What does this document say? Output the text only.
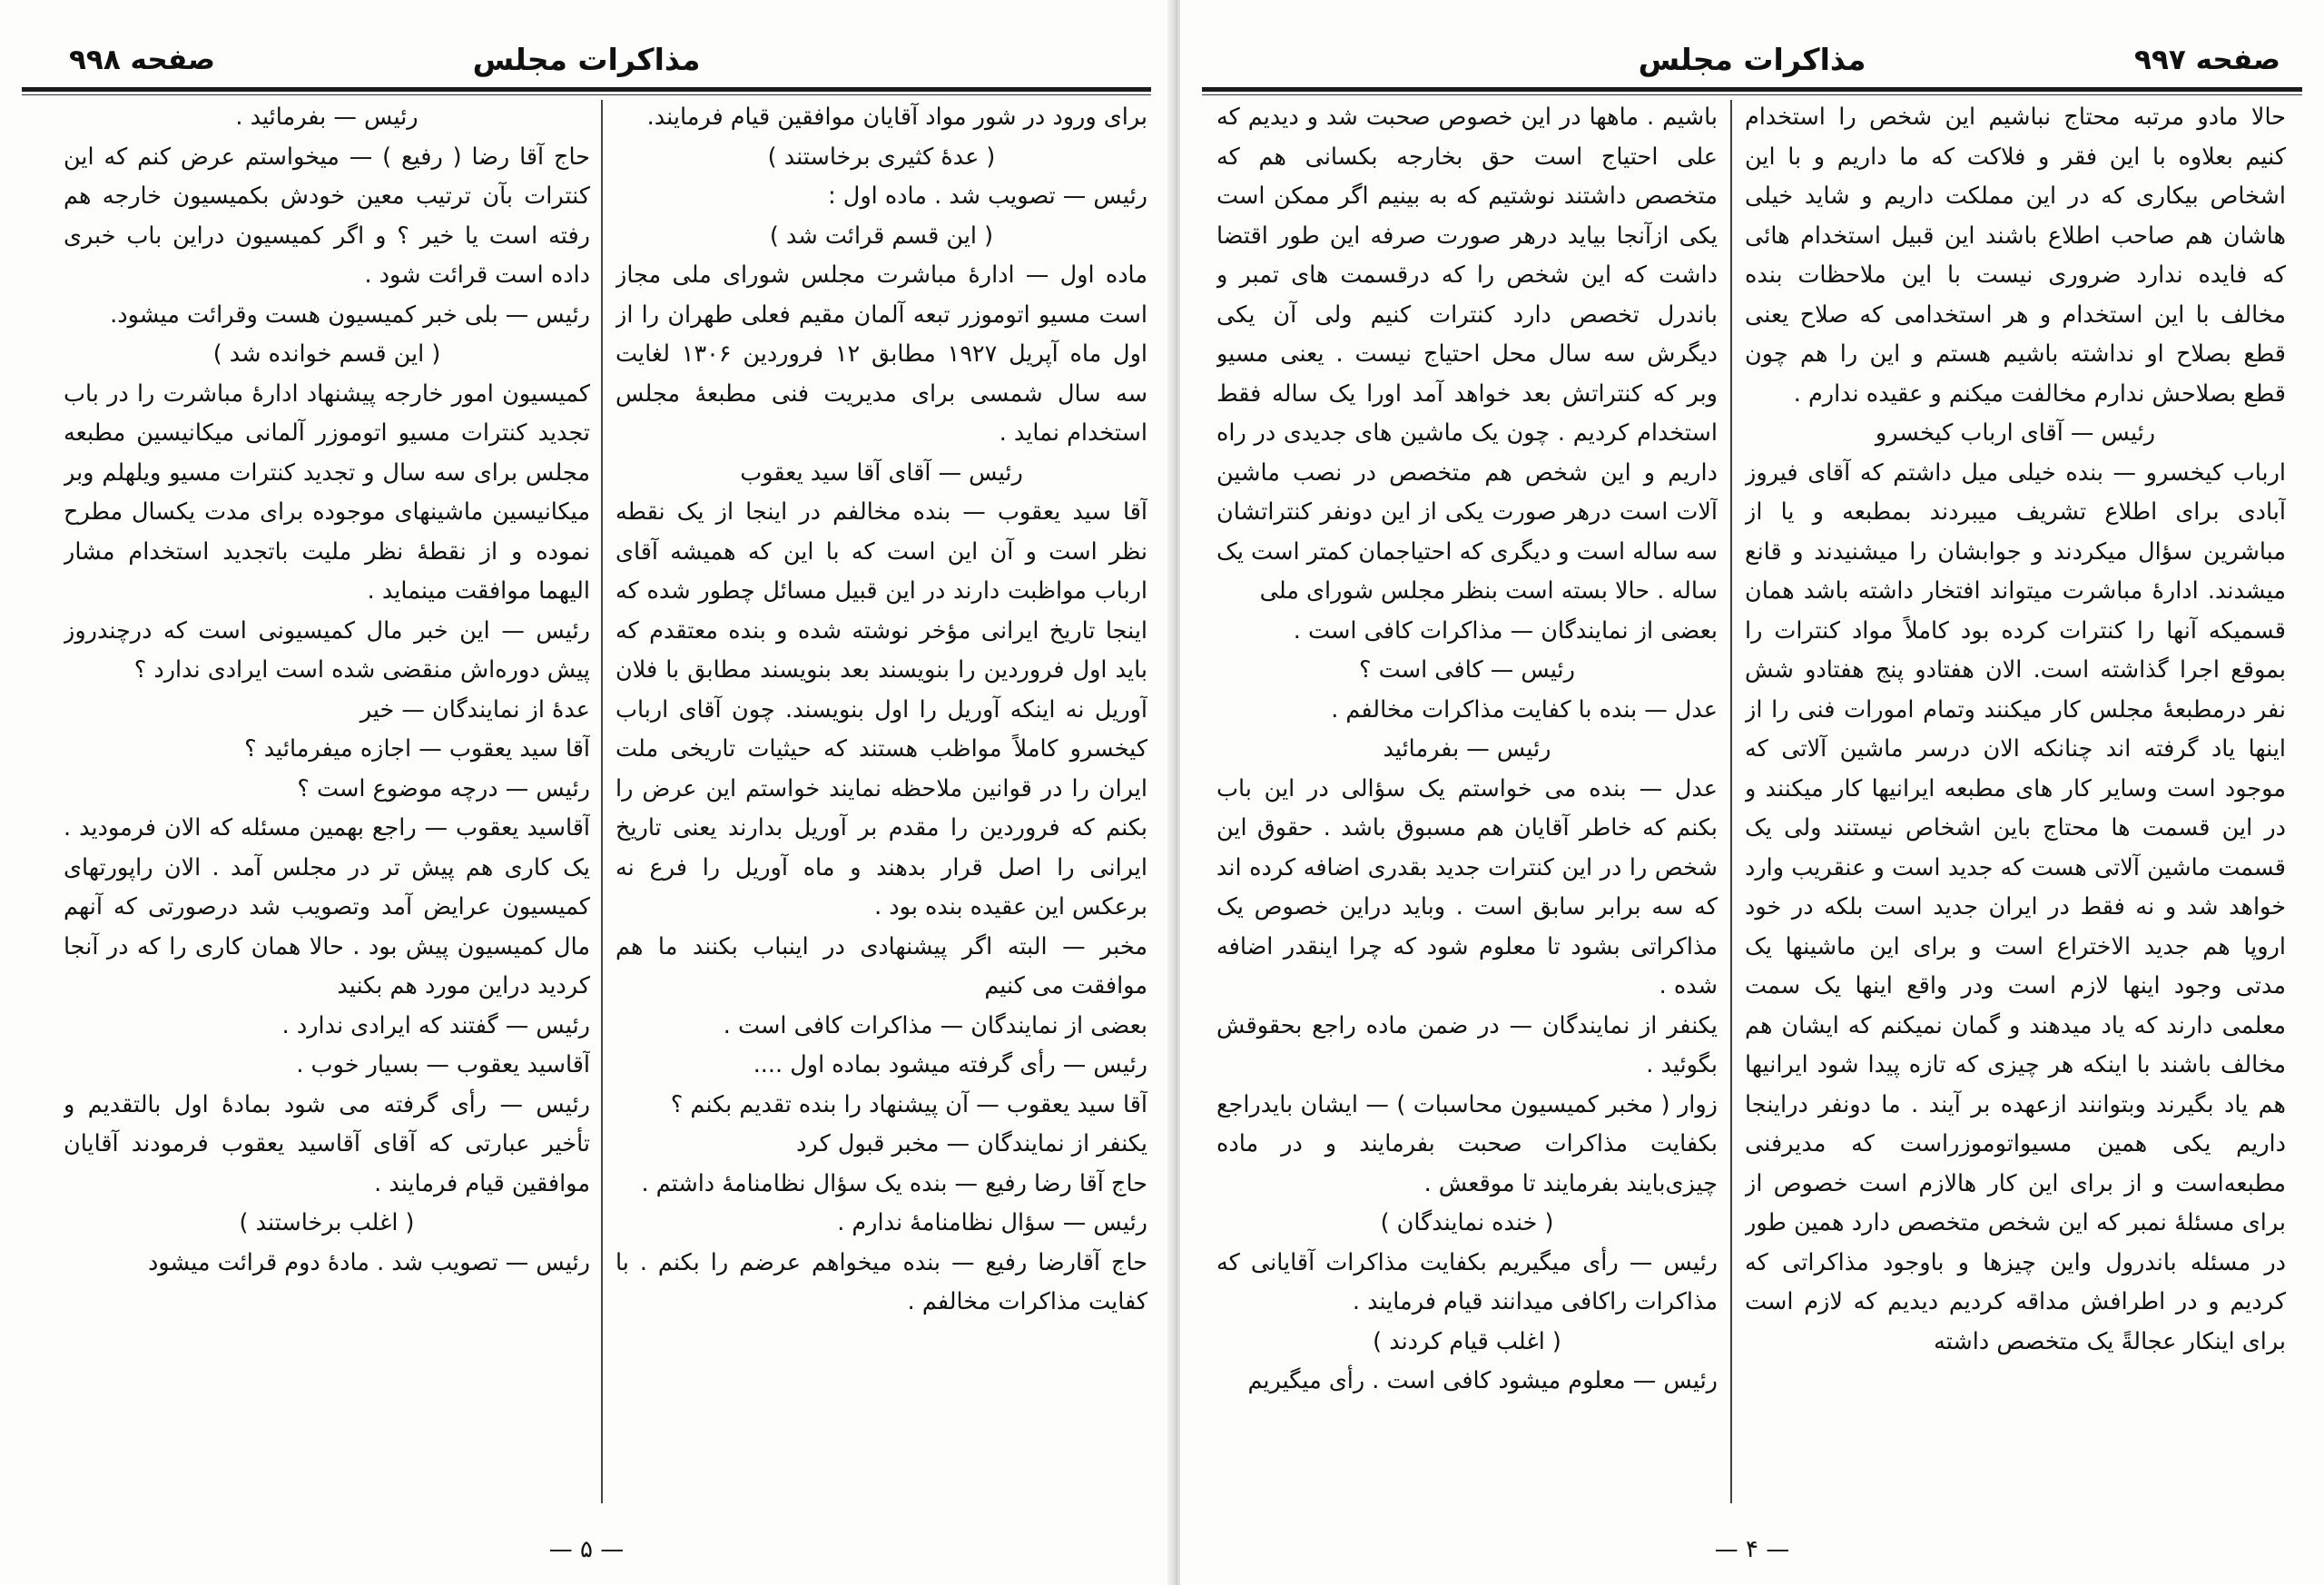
صفحه ۹۹۸	مذاکرات مجلس

برای ورود در شور مواد آقایان موافقین قیام فرمایند.

( عدهٔ کثیری برخاستند )

رئیس — تصویب شد . ماده اول :

( این قسم قرائت شد )

ماده اول — ادارهٔ مباشرت مجلس شورای ملی مجاز است مسیو اتوموزر تبعه آلمان مقیم فعلی طهران را از اول ماه آپریل ۱۹۲۷ مطابق ۱۲ فروردین ۱۳۰۶ لغایت سه سال شمسی برای مدیریت فنی مطبعهٔ مجلس استخدام نماید .

رئیس — آقای آقا سید یعقوب

آقا سید یعقوب — بنده مخالفم در اینجا از یک نقطه نظر است و آن این است که با این که همیشه آقای ارباب مواظبت دارند در این قبیل مسائل چطور شده که اینجا تاریخ ایرانی مؤخر نوشته شده و بنده معتقدم که باید اول فروردین را بنویسند بعد بنویسند مطابق با فلان آوریل نه اینکه آوریل را اول بنویسند. چون آقای ارباب کیخسرو کاملاً مواظب هستند که حیثیات تاریخی ملت ایران را در قوانین ملاحظه نمایند خواستم این عرض را بکنم که فروردین را مقدم بر آوریل بدارند یعنی تاریخ ایرانی را اصل قرار بدهند و ماه آوریل را فرع نه برعکس این عقیده بنده بود .

مخبر — البته اگر پیشنهادی در اینباب بکنند ما هم موافقت می کنیم

بعضی از نمایندگان — مذاکرات کافی است .

رئیس — رأی گرفته میشود بماده اول ....

آقا سید یعقوب — آن پیشنهاد را بنده تقدیم بکنم ؟

یکنفر از نمایندگان — مخبر قبول کرد

حاج آقا رضا رفیع — بنده یک سؤال نظامنامهٔ داشتم .

رئیس — سؤال نظامنامهٔ ندارم .

حاج آقارضا رفیع — بنده میخواهم عرضم را بکنم . با کفایت مذاکرات مخالفم .

رئیس — بفرمائید .

حاج آقا رضا ( رفیع ) — میخواستم عرض کنم که این کنترات بآن ترتیب معین خودش بکمیسیون خارجه هم رفته است یا خیر ؟ و اگر کمیسیون دراین باب خبری داده است قرائت شود .

رئیس — بلی خبر کمیسیون هست وقرائت میشود.

( این قسم خوانده شد )

کمیسیون امور خارجه پیشنهاد ادارهٔ مباشرت را در باب تجدید کنترات مسیو اتوموزر آلمانی میکانیسین مطبعه مجلس برای سه سال و تجدید کنترات مسیو ویلهلم وبر میکانیسین ماشینهای موجوده برای مدت یکسال مطرح نموده و از نقطهٔ نظر ملیت باتجدید استخدام مشار الیهما موافقت مینماید .

رئیس — این خبر مال کمیسیونی است که درچندروز پیش دوره‌اش منقضی شده است ایرادی ندارد ؟

عدهٔ از نمایندگان — خیر

آقا سید یعقوب — اجازه میفرمائید ؟

رئیس — درچه موضوع است ؟

آقاسید یعقوب — راجع بهمین مسئله که الان فرمودید . یک کاری هم پیش تر در مجلس آمد . الان راپورتهای کمیسیون عرایض آمد وتصویب شد درصورتی که آنهم مال کمیسیون پیش بود . حالا همان کاری را که در آنجا کردید دراین مورد هم بکنید

رئیس — گفتند که ایرادی ندارد .

آقاسید یعقوب — بسیار خوب .

رئیس — رأی گرفته می شود بمادهٔ اول بالتقدیم و تأخیر عبارتی که آقای آقاسید یعقوب فرمودند آقایان موافقین قیام فرمایند .

( اغلب برخاستند )

رئیس — تصویب شد . مادهٔ دوم قرائت میشود

— ۵ —
صفحه ۹۹۷
مذاکرات مجلس

حالا مادو مرتبه محتاج نباشیم این شخص را استخدام کنیم بعلاوه با این فقر و فلاکت که ما داریم و با این اشخاص بیکاری که در این مملکت داریم و شاید خیلی هاشان هم صاحب اطلاع باشند این قبیل استخدام هائی که فایده ندارد ضروری نیست با این ملاحظات بنده مخالف با این استخدام و هر استخدامی که صلاح یعنی قطع بصلاح او نداشته باشیم هستم و این را هم چون قطع بصلاحش ندارم مخالفت میکنم و عقیده ندارم .

رئیس — آقای ارباب کیخسرو

ارباب کیخسرو — بنده خیلی میل داشتم که آقای فیروز آبادی برای اطلاع تشریف میبردند بمطبعه و یا از مباشرین سؤال میکردند و جوابشان را میشنیدند و قانع میشدند. ادارهٔ مباشرت میتواند افتخار داشته باشد همان قسمیکه آنها را کنترات کرده بود کاملاً مواد کنترات را بموقع اجرا گذاشته است. الان هفتادو پنج هفتادو شش نفر درمطبعهٔ مجلس کار میکنند وتمام امورات فنی را از اینها یاد گرفته اند چنانکه الان درسر ماشین آلاتی که موجود است وسایر کار های مطبعه ایرانیها کار میکنند و در این قسمت ها محتاج باین اشخاص نیستند ولی یک قسمت ماشین آلاتی هست که جدید است و عنقریب وارد خواهد شد و نه فقط در ایران جدید است بلکه در خود اروپا هم جدید الاختراع است و برای این ماشینها یک مدتی وجود اینها لازم است ودر واقع اینها یک سمت معلمی دارند که یاد میدهند و گمان نمیکنم که ایشان هم مخالف باشند با اینکه هر چیزی که تازه پیدا شود ایرانیها هم یاد بگیرند وبتوانند ازعهده بر آیند . ما دونفر دراینجا داریم یکی همین مسیواتوموزراست که مدیرفنی مطبعه‌است و از برای این کار هالازم است خصوص از برای مسئلهٔ نمبر که این شخص متخصص دارد همین طور در مسئله باندرول واین چیزها و باوجود مذاکراتی که کردیم و در اطرافش مداقه کردیم دیدیم که لازم است برای اینکار عجالةً یک متخصص داشته

باشیم . ماهها در این خصوص صحبت شد و دیدیم که علی احتیاج است حق بخارجه بکسانی هم که متخصص داشتند نوشتیم که به بینیم اگر ممکن است یکی ازآنجا بیاید درهر صورت صرفه این طور اقتضا داشت که این شخص را که درقسمت های تمبر و باندرل تخصص دارد کنترات کنیم ولی آن یکی دیگرش سه سال محل احتیاج نیست . یعنی مسیو وبر که کنتراتش بعد خواهد آمد اورا یک ساله فقط استخدام کردیم . چون یک ماشین های جدیدی در راه داریم و این شخص هم متخصص در نصب ماشین آلات است درهر صورت یکی از این دونفر کنتراتشان سه ساله است و دیگری که احتیاجمان کمتر است یک ساله . حالا بسته است بنظر مجلس شورای ملی

بعضی از نمایندگان — مذاکرات کافی است .

رئیس — کافی است ؟

عدل — بنده با کفایت مذاکرات مخالفم .

رئیس — بفرمائید

عدل — بنده می خواستم یک سؤالی در این باب بکنم که خاطر آقایان هم مسبوق باشد . حقوق این شخص را در این کنترات جدید بقدری اضافه کرده اند که سه برابر سابق است . وباید دراین خصوص یک مذاکراتی بشود تا معلوم شود که چرا اینقدر اضافه شده .

یکنفر از نمایندگان — در ضمن ماده راجع بحقوقش بگوئید .

زوار ( مخبر کمیسیون محاسبات ) — ایشان بایدراجع بکفایت مذاکرات صحبت بفرمایند و در ماده چیزی‌بایند بفرمایند تا موقعش .

( خنده نمایندگان )

رئیس — رأی میگیریم بکفایت مذاکرات آقایانی که مذاکرات راکافی میدانند قیام فرمایند .

( اغلب قیام کردند )

رئیس — معلوم میشود کافی است . رأی میگیریم

— ۴ —
